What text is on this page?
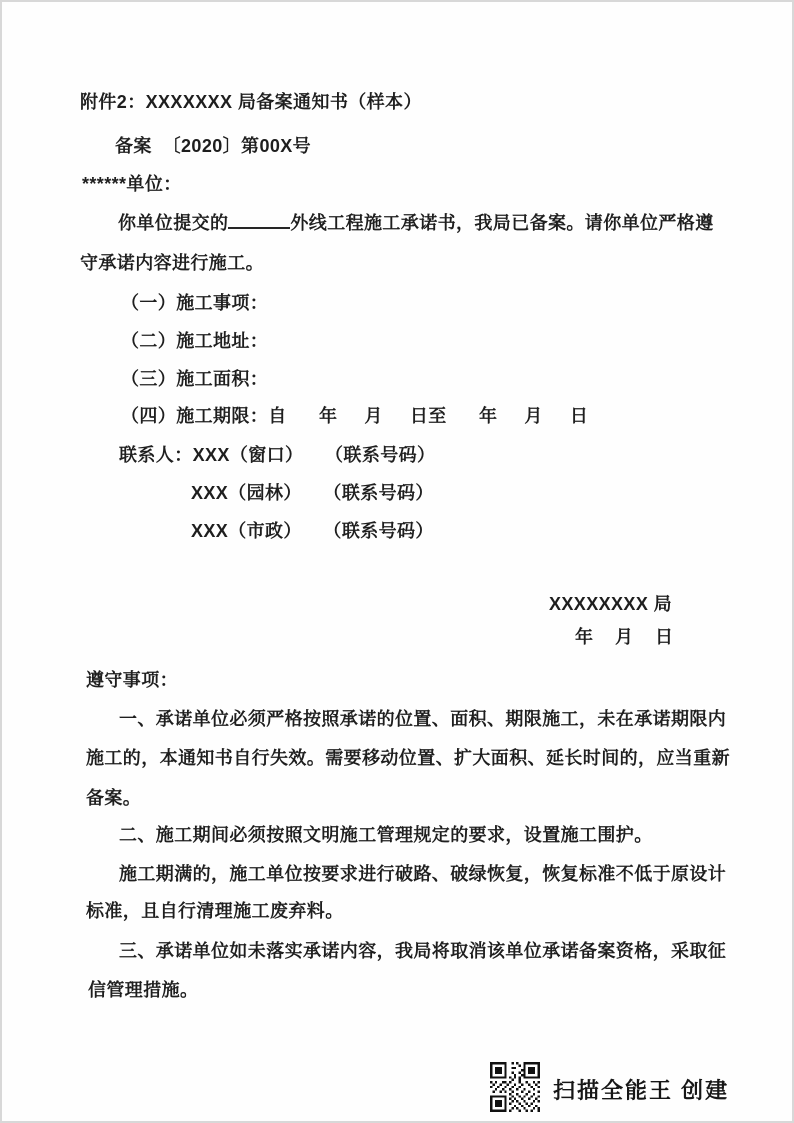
附件2：XXXXXXX 局备案通知书（样本）
备案  〔2020〕第00X号
******单位：
你单位提交的	外线工程施工承诺书，我局已备案。请你单位严格遵
守承诺内容进行施工。
（一）施工事项：
（二）施工地址：
（三）施工面积：
（四）施工期限：自      年     月     日至      年     月     日
联系人：XXX（窗口）    （联系号码）
XXX（园林）    （联系号码）
XXX（市政）    （联系号码）
XXXXXXXX 局
年    月    日
遵守事项：
一、承诺单位必须严格按照承诺的位置、面积、期限施工，未在承诺期限内
施工的，本通知书自行失效。需要移动位置、扩大面积、延长时间的，应当重新
备案。
二、施工期间必须按照文明施工管理规定的要求，设置施工围护。
施工期满的，施工单位按要求进行破路、破绿恢复，恢复标准不低于原设计
标准，且自行清理施工废弃料。
三、承诺单位如未落实承诺内容，我局将取消该单位承诺备案资格，采取征
信管理措施。
扫描全能王 创建
